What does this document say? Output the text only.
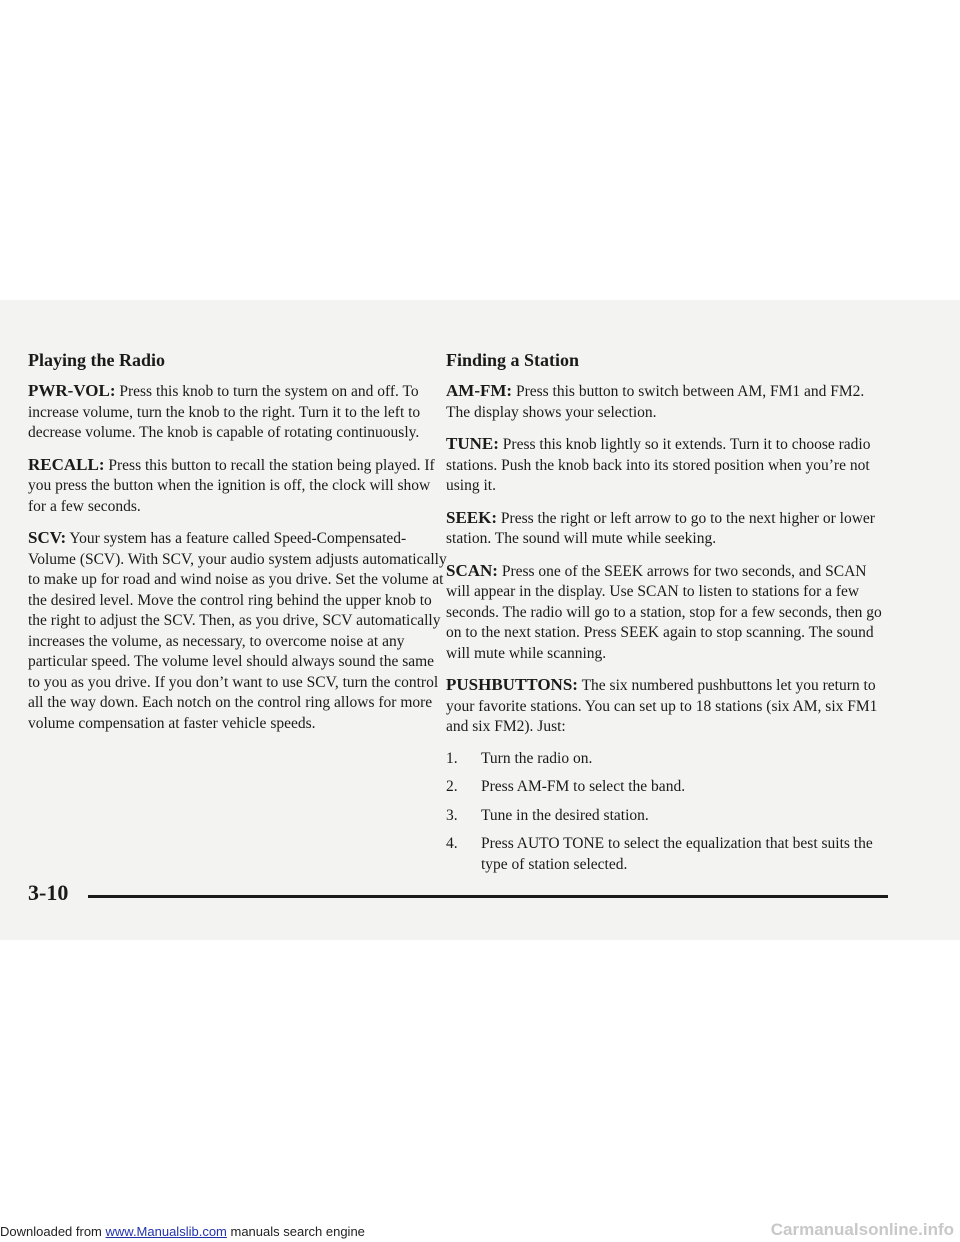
Playing the Radio

PWR-VOL: Press this knob to turn the system on and off. To increase volume, turn the knob to the right. Turn it to the left to decrease volume. The knob is capable of rotating continuously.

RECALL: Press this button to recall the station being played. If you press the button when the ignition is off, the clock will show for a few seconds.

SCV: Your system has a feature called Speed-Compensated-Volume (SCV). With SCV, your audio system adjusts automatically to make up for road and wind noise as you drive. Set the volume at the desired level. Move the control ring behind the upper knob to the right to adjust the SCV. Then, as you drive, SCV automatically increases the volume, as necessary, to overcome noise at any particular speed. The volume level should always sound the same to you as you drive. If you don’t want to use SCV, turn the control all the way down. Each notch on the control ring allows for more volume compensation at faster vehicle speeds.

Finding a Station

AM-FM: Press this button to switch between AM, FM1 and FM2. The display shows your selection.

TUNE: Press this knob lightly so it extends. Turn it to choose radio stations. Push the knob back into its stored position when you’re not using it.

SEEK: Press the right or left arrow to go to the next higher or lower station. The sound will mute while seeking.

SCAN: Press one of the SEEK arrows for two seconds, and SCAN will appear in the display. Use SCAN to listen to stations for a few seconds. The radio will go to a station, stop for a few seconds, then go on to the next station. Press SEEK again to stop scanning. The sound will mute while scanning.

PUSHBUTTONS: The six numbered pushbuttons let you return to your favorite stations. You can set up to 18 stations (six AM, six FM1 and six FM2). Just:

1. Turn the radio on.
2. Press AM-FM to select the band.
3. Tune in the desired station.
4. Press AUTO TONE to select the equalization that best suits the type of station selected.
3-10
Downloaded from www.Manualslib.com manuals search engine	Carmanualsonline.info
